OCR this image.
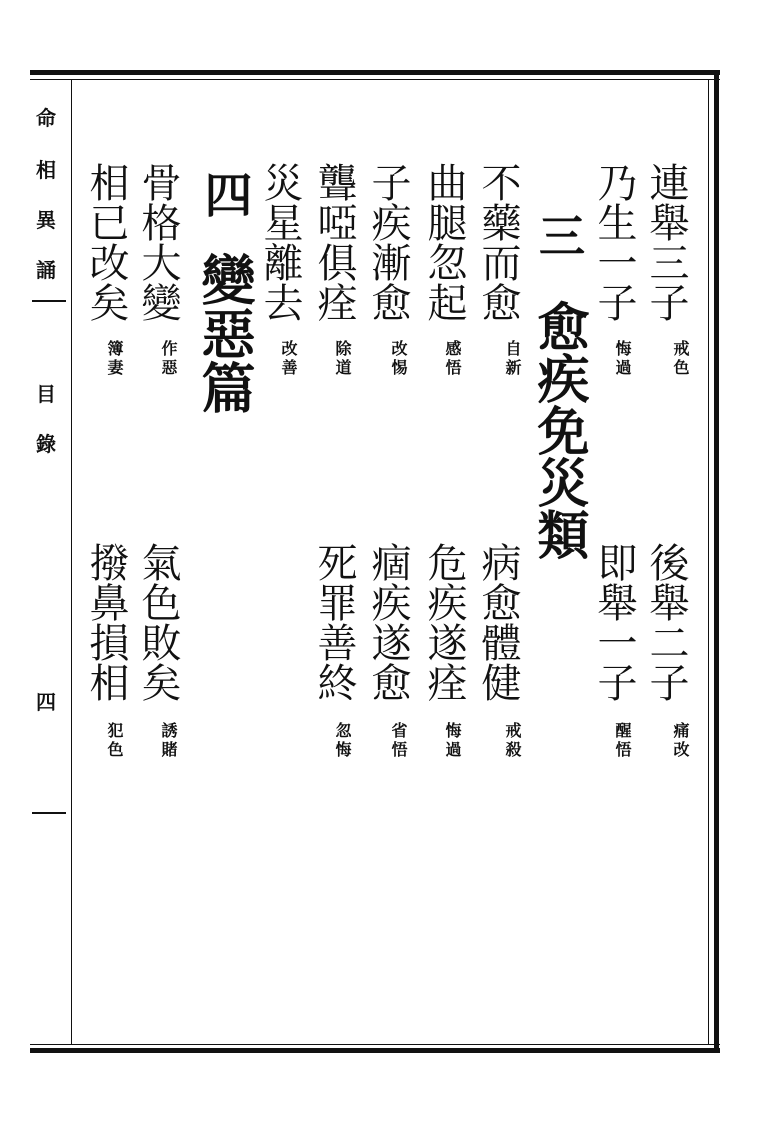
命
相
異
誦
目
錄
四
三
愈疾免災類
四
變惡篇
連舉三子
戒色
後舉二子
痛改
乃生一子
悔過
即舉一子
醒悟
不藥而愈
自新
病愈體健
戒殺
曲腿忽起
感悟
危疾遂痊
悔過
子疾漸愈
改惕
痼疾遂愈
省悟
聾啞俱痊
除道
死罪善終
忽悔
災星離去
改善
骨格大變
作惡
氣色敗矣
誘賭
相已改矣
簿妻
撥鼻損相
犯色
